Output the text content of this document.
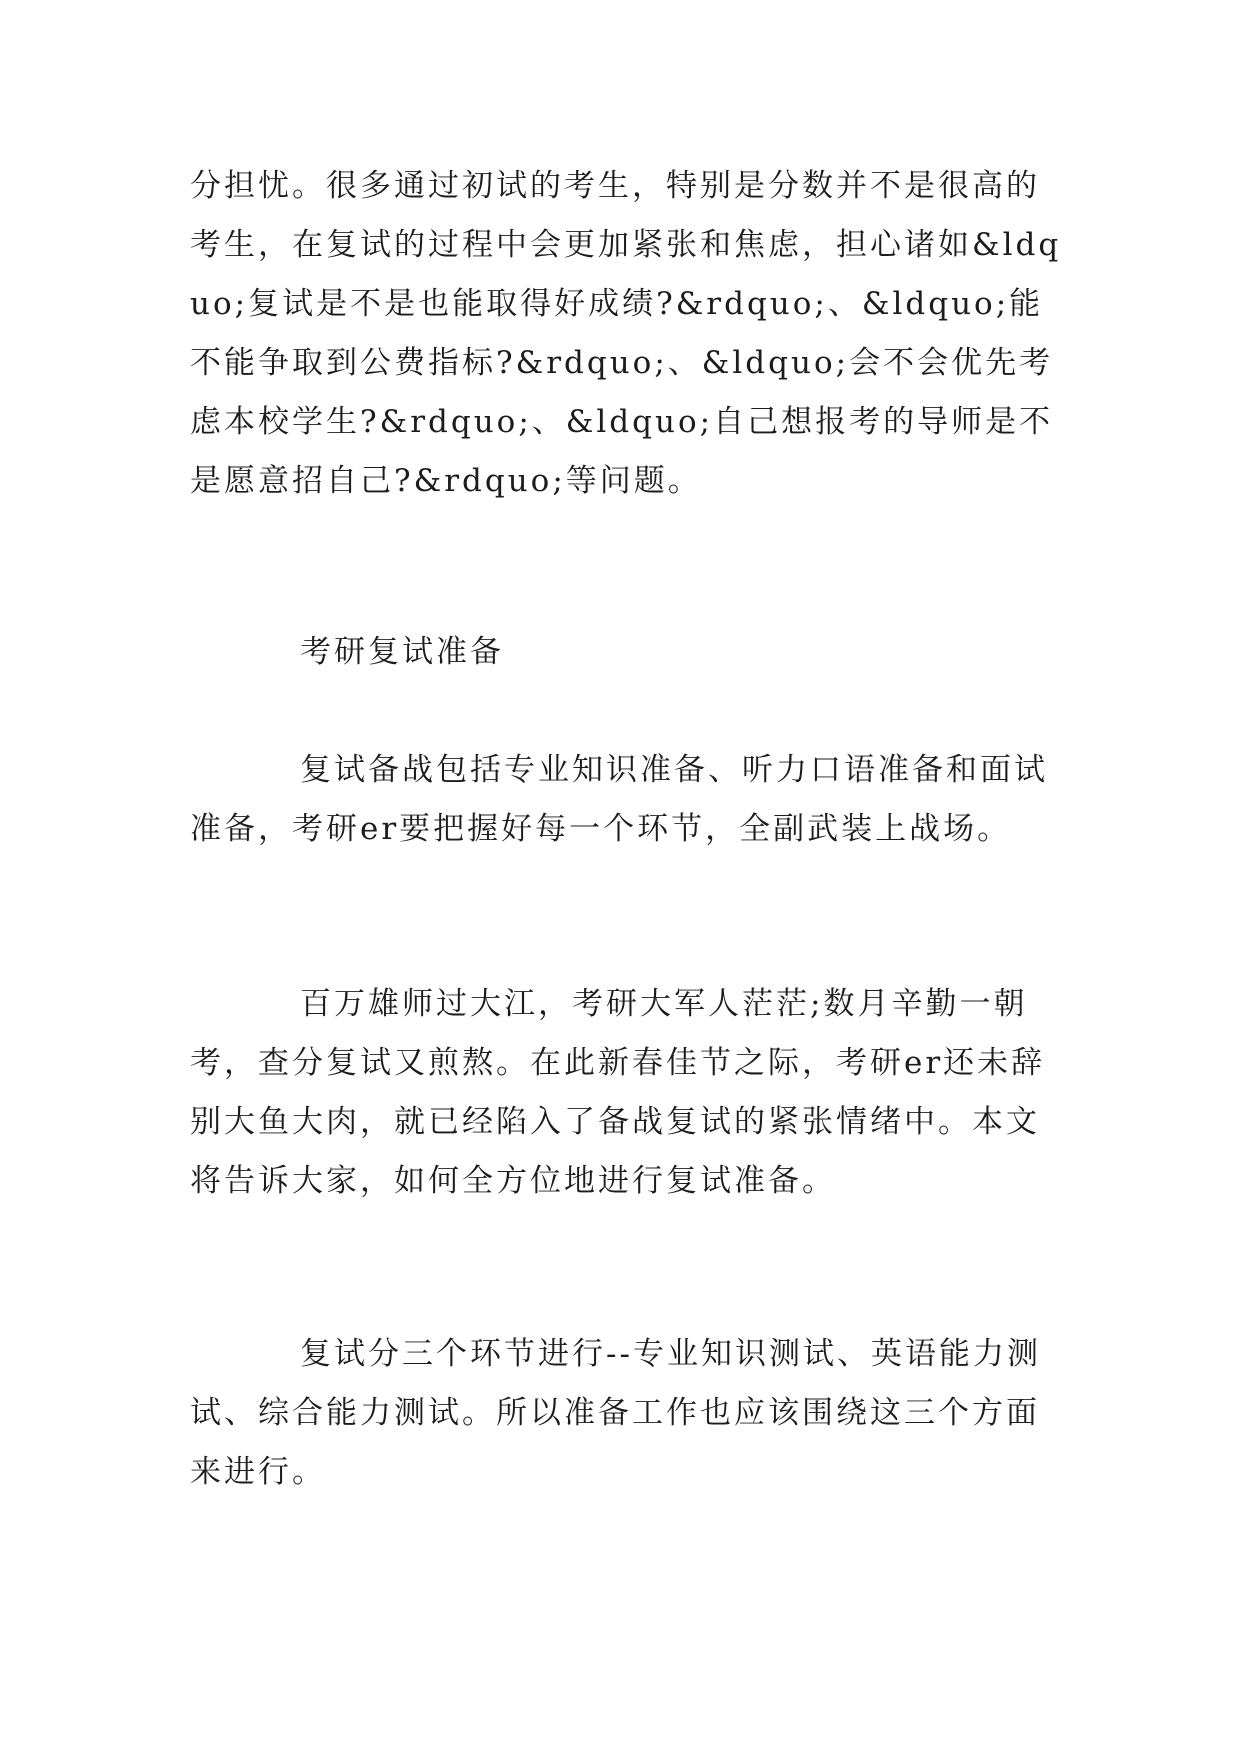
分担忧。很多通过初试的考生，特别是分数并不是很高的考生，在复试的过程中会更加紧张和焦虑，担心诸如&ldquo;复试是不是也能取得好成绩?&rdquo;、&ldquo;能不能争取到公费指标?&rdquo;、&ldquo;会不会优先考虑本校学生?&rdquo;、&ldquo;自己想报考的导师是不是愿意招自己?&rdquo;等问题。
考研复试准备
复试备战包括专业知识准备、听力口语准备和面试准备，考研er要把握好每一个环节，全副武装上战场。
百万雄师过大江，考研大军人茫茫;数月辛勤一朝考，查分复试又煎熬。在此新春佳节之际，考研er还未辞别大鱼大肉，就已经陷入了备战复试的紧张情绪中。本文将告诉大家，如何全方位地进行复试准备。
复试分三个环节进行--专业知识测试、英语能力测试、综合能力测试。所以准备工作也应该围绕这三个方面来进行。
